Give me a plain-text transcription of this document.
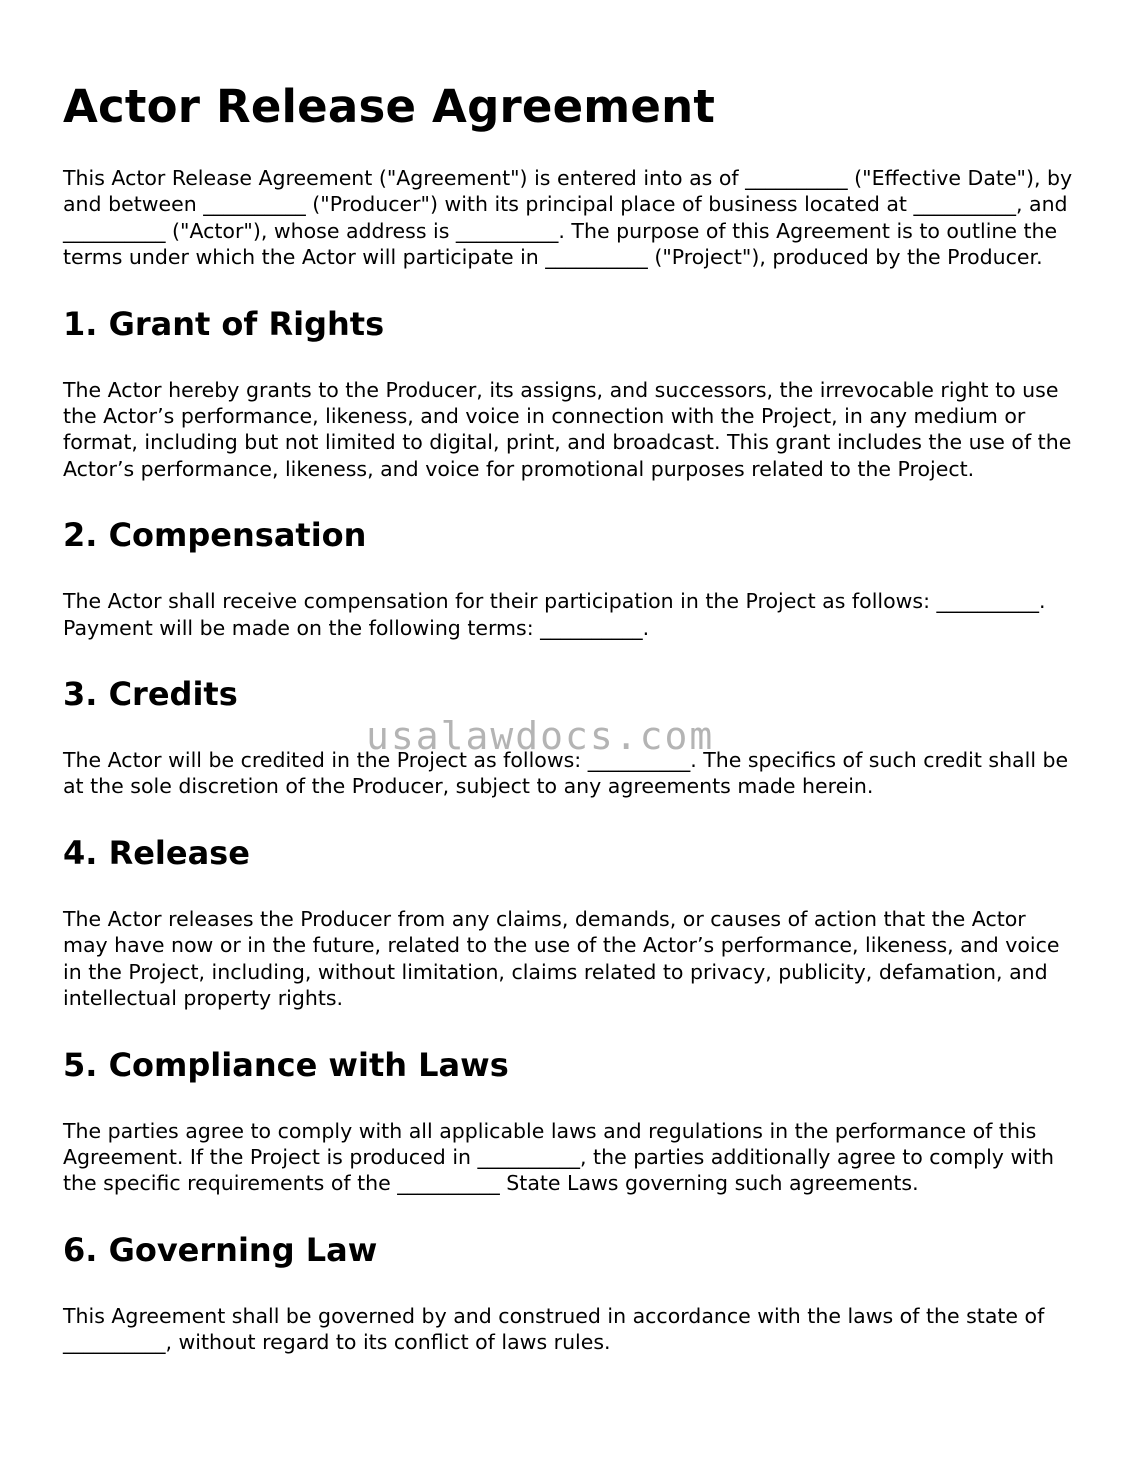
Actor Release Agreement

This Actor Release Agreement ("Agreement") is entered into as of __________ ("Effective Date"), by and between __________ ("Producer") with its principal place of business located at __________, and __________ ("Actor"), whose address is __________. The purpose of this Agreement is to outline the terms under which the Actor will participate in __________ ("Project"), produced by the Producer.

1. Grant of Rights

The Actor hereby grants to the Producer, its assigns, and successors, the irrevocable right to use the Actor’s performance, likeness, and voice in connection with the Project, in any medium or format, including but not limited to digital, print, and broadcast. This grant includes the use of the Actor’s performance, likeness, and voice for promotional purposes related to the Project.

2. Compensation

The Actor shall receive compensation for their participation in the Project as follows: __________. Payment will be made on the following terms: __________.

3. Credits

The Actor will be credited in the Project as follows: __________. The specifics of such credit shall be at the sole discretion of the Producer, subject to any agreements made herein.

4. Release

The Actor releases the Producer from any claims, demands, or causes of action that the Actor may have now or in the future, related to the use of the Actor’s performance, likeness, and voice in the Project, including, without limitation, claims related to privacy, publicity, defamation, and intellectual property rights.

5. Compliance with Laws

The parties agree to comply with all applicable laws and regulations in the performance of this Agreement. If the Project is produced in __________, the parties additionally agree to comply with the specific requirements of the __________ State Laws governing such agreements.

6. Governing Law

This Agreement shall be governed by and construed in accordance with the laws of the state of __________, without regard to its conflict of laws rules.

usalawdocs.com
